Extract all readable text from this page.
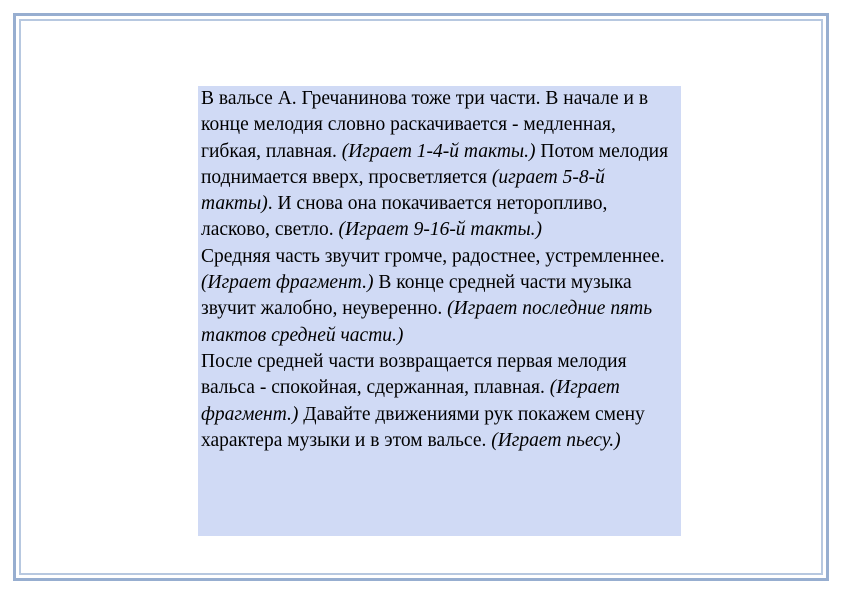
В вальсе А. Гречанинова тоже три части. В начале и в конце мелодия словно раскачивается - медленная, гибкая, плавная. (Играет 1-4-й такты.) Потом мелодия поднимается вверх, просветляется (играет 5-8-й такты). И снова она покачивается неторопливо, ласково, светло. (Играет 9-16-й такты.)

Средняя часть звучит громче, радостнее, устремленнее. (Играет фрагмент.) В конце средней части музыка звучит жалобно, неуверенно. (Играет последние пять тактов средней части.)

После средней части возвращается первая мелодия вальса - спокойная, сдержанная, плавная. (Играет фрагмент.) Давайте движениями рук покажем смену характера музыки и в этом вальсе. (Играет пьесу.)
